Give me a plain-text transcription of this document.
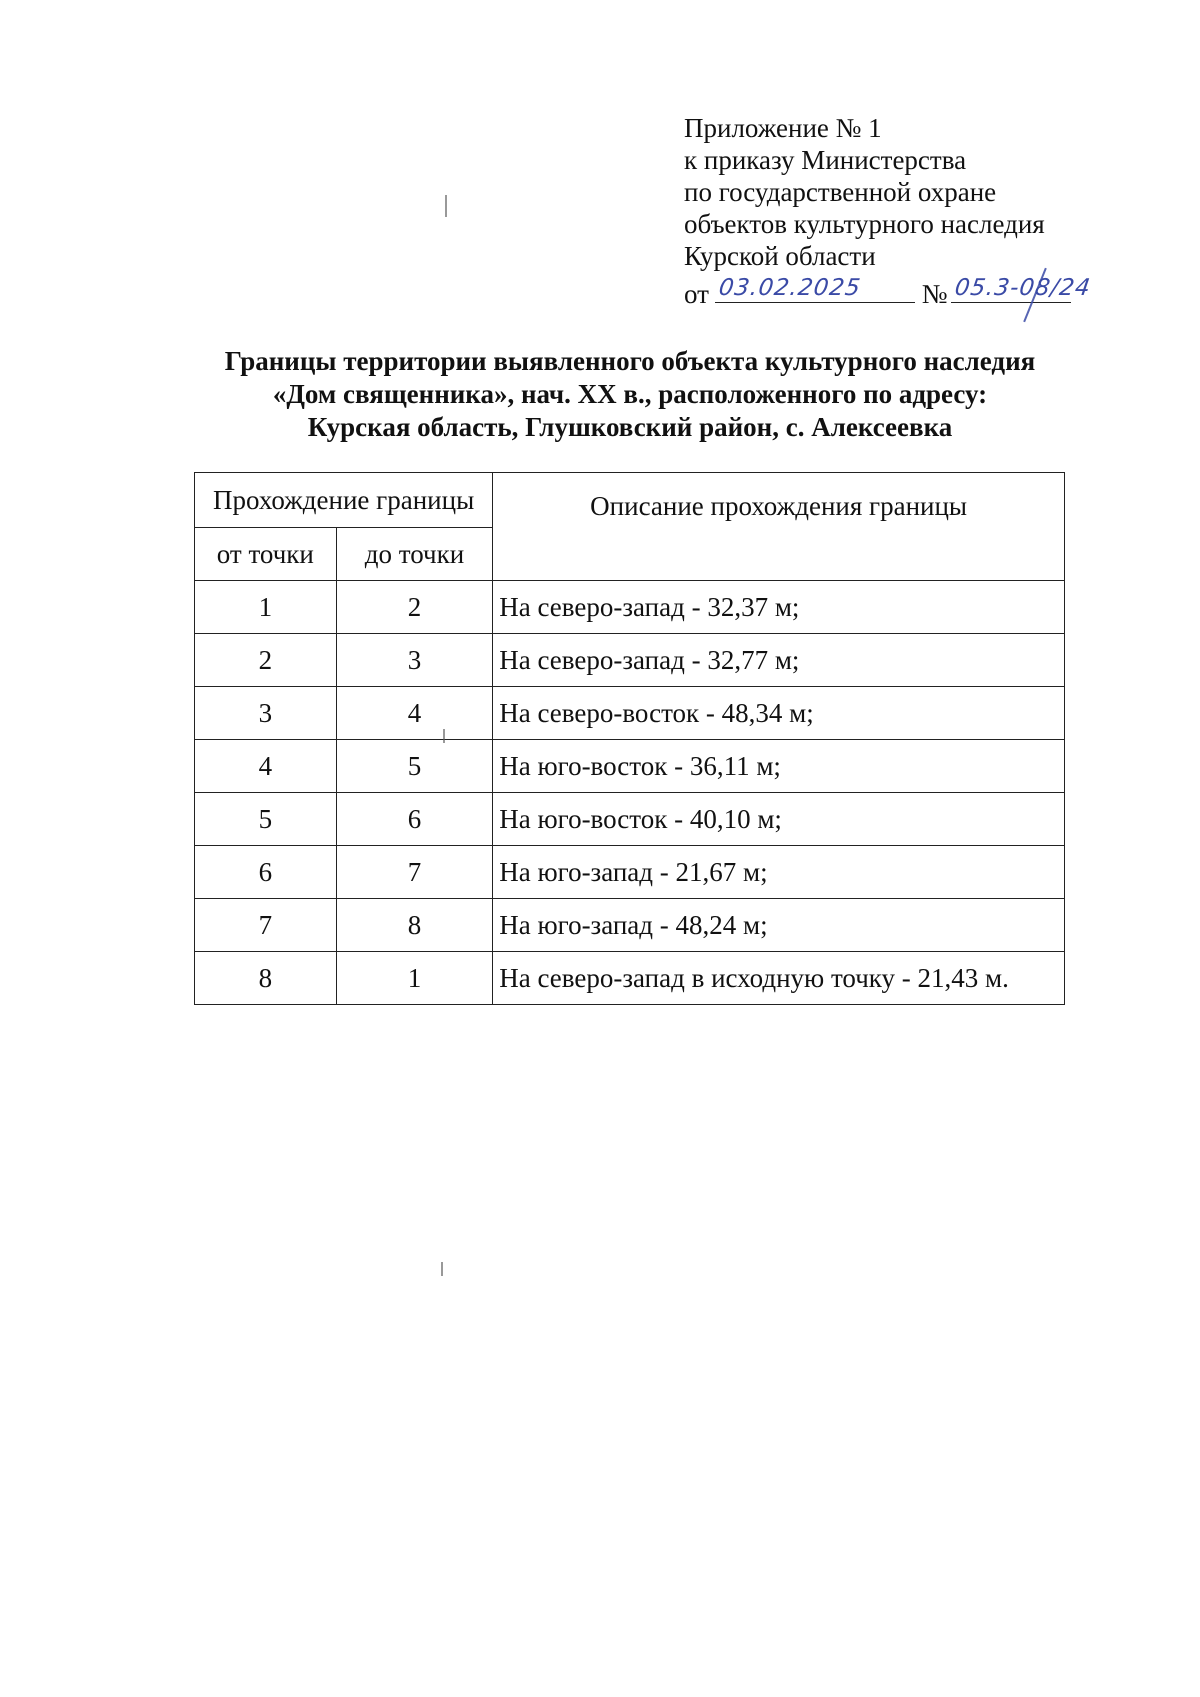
Приложение № 1
к приказу Министерства
по государственной охране
объектов культурного наследия
Курской области
от 03.02.2025 № 05.3-08/24
Границы территории выявленного объекта культурного наследия
«Дом священника», нач. XX в., расположенного по адресу:
Курская область, Глушковский район, с. Алексеевка
Прохождение границы		Описание прохождения границы
от точки	до точки	
1	2	На северо-запад - 32,37 м;
2	3	На северо-запад - 32,77 м;
3	4	На северо-восток - 48,34 м;
4	5	На юго-восток - 36,11 м;
5	6	На юго-восток - 40,10 м;
6	7	На юго-запад - 21,67 м;
7	8	На юго-запад - 48,24 м;
8	1	На северо-запад в исходную точку - 21,43 м.
